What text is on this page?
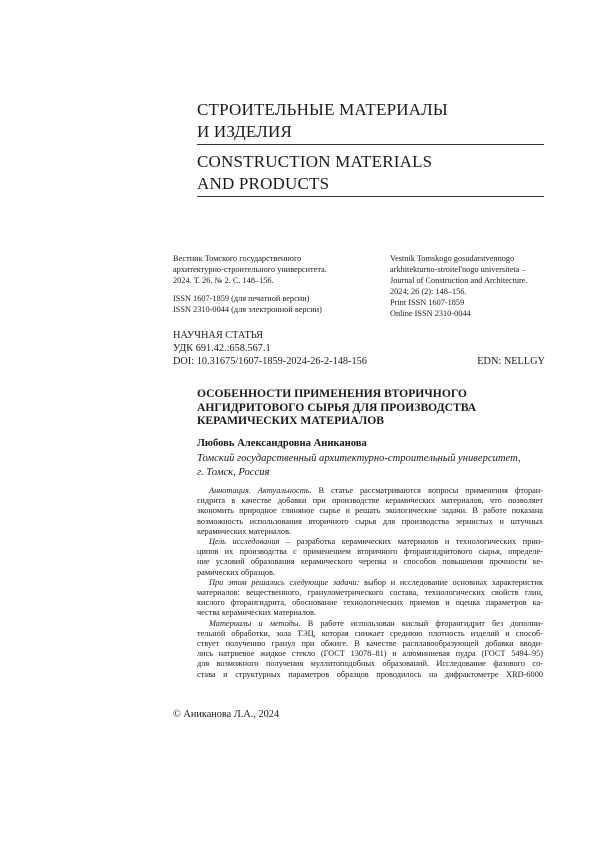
СТРОИТЕЛЬНЫЕ МАТЕРИАЛЫ
И ИЗДЕЛИЯ
CONSTRUCTION MATERIALS
AND PRODUCTS

Вестник Томского государственного

архитектурно-строительного университета.

2024. Т. 26. № 2. С. 148–156.

ISSN 1607-1859 (для печатной версии)

ISSN 2310-0044 (для электронной версии)

Vestnik Tomskogo gosudarstvennogo

arkhitekturno-stroitel'nogo universiteta –

Journal of Construction and Architecture.

2024; 26 (2): 148–156.

Print ISSN 1607-1859

Online ISSN 2310-0044

НАУЧНАЯ СТАТЬЯ
УДК 691.42.:658.567.1
DOI: 10.31675/1607-1859-2024-26-2-148-156	EDN: NELLGY
ОСОБЕННОСТИ ПРИМЕНЕНИЯ ВТОРИЧНОГО
АНГИДРИТОВОГО СЫРЬЯ ДЛЯ ПРОИЗВОДСТВА
КЕРАМИЧЕСКИХ МАТЕРИАЛОВ
Любовь Александровна Аниканова
Томский государственный архитектурно-строительный университет,
г. Томск, Россия
Аннотация. Актуальность. В статье рассматриваются вопросы применения фторан-
гидрита в качестве добавки при производстве керамических материалов, что позволяет
экономить природное глиняное сырье и решать экологические задачи. В работе показана
возможность использования вторичного сырья для производства зернистых и штучных
керамических материалов.
Цель исследования – разработка керамических материалов и технологических прин-
ципов их производства с применением вторичного фторангидритового сырья, определе-
ние условий образования керамического черепка и способов повышения прочности ке-
рамических образцов.
При этом решались следующие задачи: выбор и исследование основных характеристик
материалов: вещественного, гранулометрического состава, технологических свойств глин,
кислого фторангидрита, обоснование технологических приемов и оценка параметров ка-
чества керамических материалов.
Материалы и методы. В работе использован кислый фторангидрит без дополни-
тельной обработки, зола ТЭЦ, которая снижает среднюю плотность изделий и способ-
ствует получению гранул при обжиге. В качестве расплавообразующей добавки вводи-
лись натриевое жидкое стекло (ГОСТ 13078–81) и алюминиевая пудра (ГОСТ 5494–95)
для возможного получения муллитоподобных образований. Исследование фазового со-
става и структурных параметров образцов проводилось на дифрактометре XRD-6000
© Аниканова Л.А., 2024
